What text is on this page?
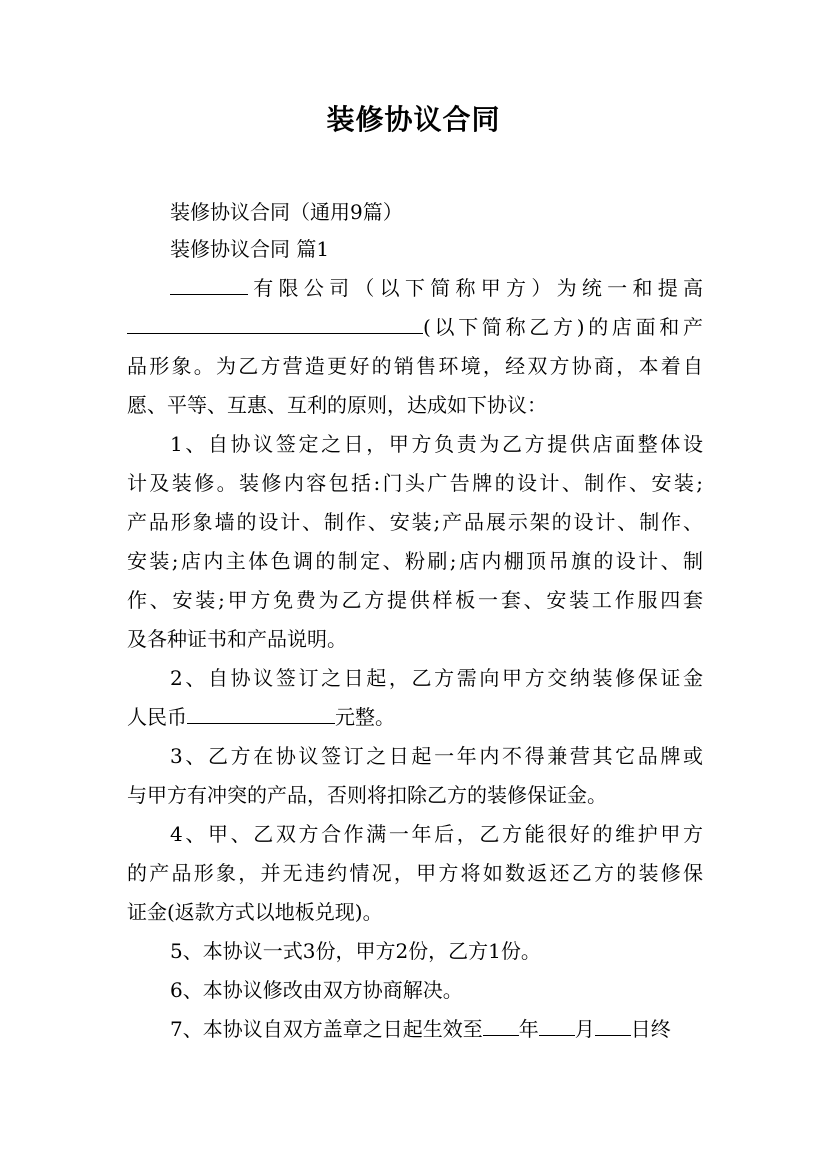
装修协议合同
装修协议合同（通用9篇）
装修协议合同 篇1
有限公司（以下简称甲方）为统一和提高
(以下简称乙方)的店面和产
品形象。为乙方营造更好的销售环境，经双方协商，本着自
愿、平等、互惠、互利的原则，达成如下协议：
1、自协议签定之日，甲方负责为乙方提供店面整体设
计及装修。装修内容包括:门头广告牌的设计、制作、安装;
产品形象墙的设计、制作、安装;产品展示架的设计、制作、
安装;店内主体色调的制定、粉刷;店内棚顶吊旗的设计、制
作、安装;甲方免费为乙方提供样板一套、安装工作服四套
及各种证书和产品说明。
2、自协议签订之日起，乙方需向甲方交纳装修保证金
人民币	元整。
3、乙方在协议签订之日起一年内不得兼营其它品牌或
与甲方有冲突的产品，否则将扣除乙方的装修保证金。
4、甲、乙双方合作满一年后，乙方能很好的维护甲方
的产品形象，并无违约情况，甲方将如数返还乙方的装修保
证金(返款方式以地板兑现)。
5、本协议一式3份，甲方2份，乙方1份。
6、本协议修改由双方协商解决。
7、本协议自双方盖章之日起生效至 年 月 日终
